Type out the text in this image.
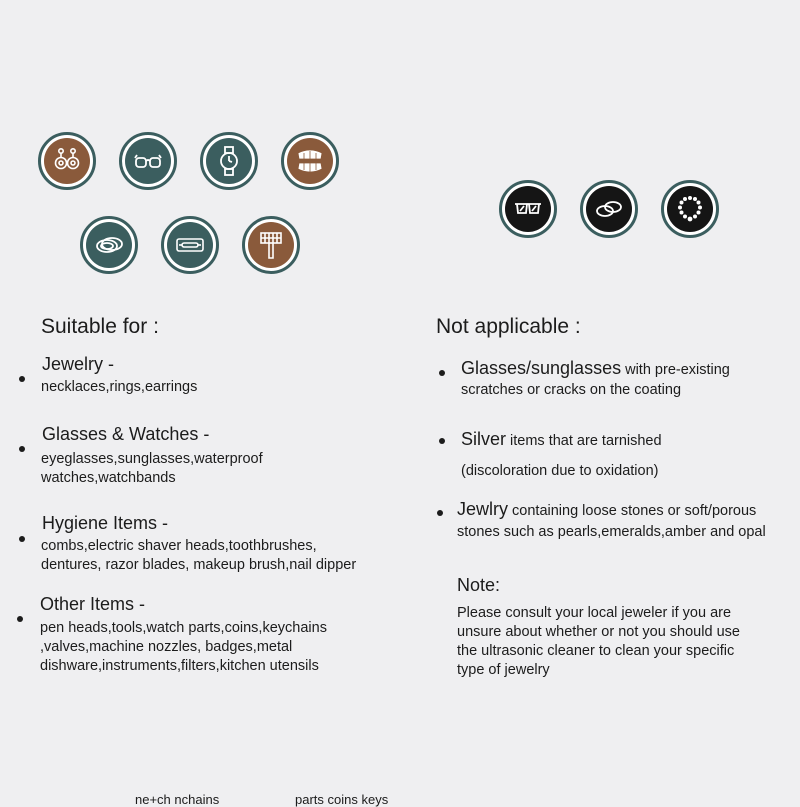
Suitable for :
Jewelry -
necklaces,rings,earrings
Glasses & Watches -
eyeglasses,sunglasses,waterproof
watches,watchbands
Hygiene Items -
combs,electric shaver heads,toothbrushes,
dentures, razor blades, makeup brush,nail dipper
Other Items -
pen heads,tools,watch parts,coins,keychains
,valves,machine nozzles, badges,metal
dishware,instruments,filters,kitchen utensils
Not applicable :
Glasses/sunglasses with pre-existing
scratches or cracks on the coating
Silver items that are tarnished
(discoloration due to oxidation)
Jewlry containing loose stones or soft/porous
stones such as pearls,emeralds,amber and opal
Note:
Please consult your local jeweler if you are
unsure about whether or not you should use
the ultrasonic cleaner to clean your specific
type of jewelry
ne+ch nchains	parts coins keys
